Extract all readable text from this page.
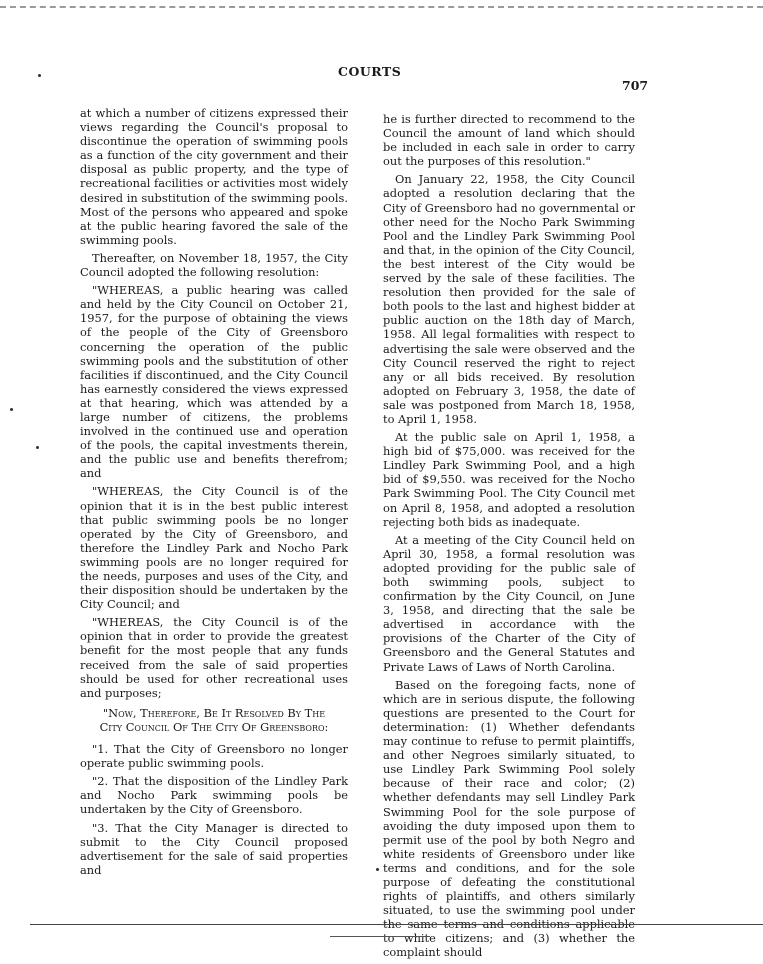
COURTS
707

at which a number of citizens expressed their views regarding the Council's proposal to discontinue the operation of swimming pools as a function of the city government and their disposal as public property, and the type of recreational facilities or activities most widely desired in substitution of the swimming pools. Most of the persons who appeared and spoke at the public hearing favored the sale of the swimming pools.

Thereafter, on November 18, 1957, the City Council adopted the following resolution:

"WHEREAS, a public hearing was called and held by the City Council on October 21, 1957, for the purpose of obtaining the views of the people of the City of Greensboro concerning the operation of the public swimming pools and the substitution of other facilities if discontinued, and the City Council has earnestly considered the views expressed at that hearing, which was attended by a large number of citizens, the problems involved in the continued use and operation of the pools, the capital investments therein, and the public use and benefits therefrom; and

"WHEREAS, the City Council is of the opinion that it is in the best public interest that public swimming pools be no longer operated by the City of Greensboro, and therefore the Lindley Park and Nocho Park swimming pools are no longer required for the needs, purposes and uses of the City, and their disposition should be undertaken by the City Council; and

"WHEREAS, the City Council is of the opinion that in order to provide the greatest benefit for the most people that any funds received from the sale of said properties should be used for other recreational uses and purposes;

"Now, Therefore, Be It Resolved By The City Council Of The City Of Greensboro:

"1. That the City of Greensboro no longer operate public swimming pools.

"2. That the disposition of the Lindley Park and Nocho Park swimming pools be undertaken by the City of Greensboro.

"3. That the City Manager is directed to submit to the City Council proposed advertisement for the sale of said properties and

he is further directed to recommend to the Council the amount of land which should be included in each sale in order to carry out the purposes of this resolution."

On January 22, 1958, the City Council adopted a resolution declaring that the City of Greensboro had no governmental or other need for the Nocho Park Swimming Pool and the Lindley Park Swimming Pool and that, in the opinion of the City Council, the best interest of the City would be served by the sale of these facilities. The resolution then provided for the sale of both pools to the last and highest bidder at public auction on the 18th day of March, 1958. All legal formalities with respect to advertising the sale were observed and the City Council reserved the right to reject any or all bids received. By resolution adopted on February 3, 1958, the date of sale was postponed from March 18, 1958, to April 1, 1958.

At the public sale on April 1, 1958, a high bid of $75,000. was received for the Lindley Park Swimming Pool, and a high bid of $9,550. was received for the Nocho Park Swimming Pool. The City Council met on April 8, 1958, and adopted a resolution rejecting both bids as inadequate.

At a meeting of the City Council held on April 30, 1958, a formal resolution was adopted providing for the public sale of both swimming pools, subject to confirmation by the City Council, on June 3, 1958, and directing that the sale be advertised in accordance with the provisions of the Charter of the City of Greensboro and the General Statutes and Private Laws of Laws of North Carolina.

Based on the foregoing facts, none of which are in serious dispute, the following questions are presented to the Court for determination: (1) Whether defendants may continue to refuse to permit plaintiffs, and other Negroes similarly situated, to use Lindley Park Swimming Pool solely because of their race and color; (2) whether defendants may sell Lindley Park Swimming Pool for the sole purpose of avoiding the duty imposed upon them to permit use of the pool by both Negro and white residents of Greensboro under like terms and conditions, and for the sole purpose of defeating the constitutional rights of plaintiffs, and others similarly situated, to use the swimming pool under the same terms and conditions applicable to white citizens; and (3) whether the complaint should
